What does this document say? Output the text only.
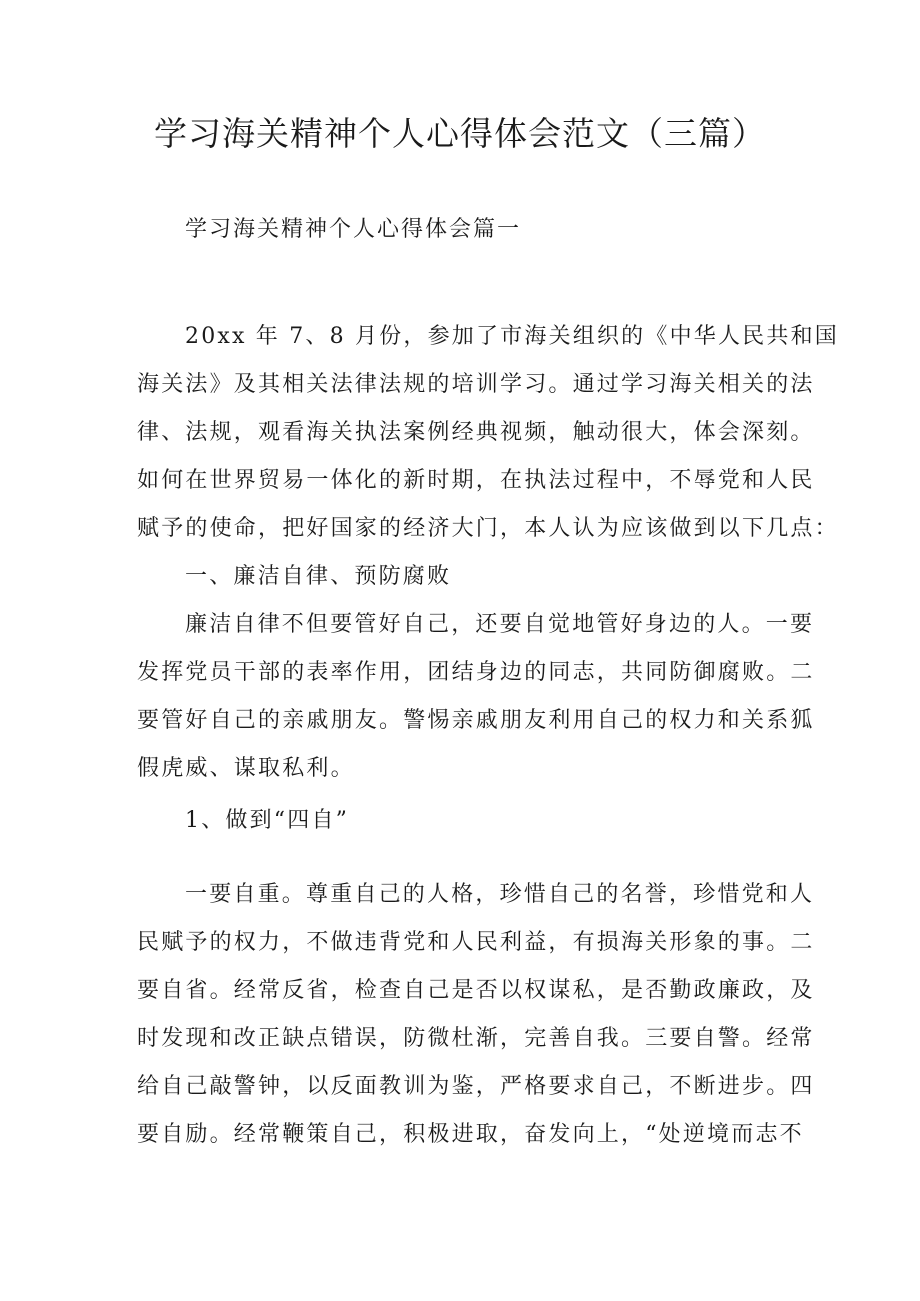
学习海关精神个人心得体会范文（三篇）

学习海关精神个人心得体会篇一

20xx 年 7、8 月份，参加了市海关组织的《中华人民共和国
海关法》及其相关法律法规的培训学习。通过学习海关相关的法
律、法规，观看海关执法案例经典视频，触动很大，体会深刻。
如何在世界贸易一体化的新时期，在执法过程中，不辱党和人民
赋予的使命，把好国家的经济大门，本人认为应该做到以下几点：
一、廉洁自律、预防腐败
廉洁自律不但要管好自己，还要自觉地管好身边的人。一要
发挥党员干部的表率作用，团结身边的同志，共同防御腐败。二
要管好自己的亲戚朋友。警惕亲戚朋友利用自己的权力和关系狐
假虎威、谋取私利。
1、做到“四自”
一要自重。尊重自己的人格，珍惜自己的名誉，珍惜党和人
民赋予的权力，不做违背党和人民利益，有损海关形象的事。二
要自省。经常反省，检查自己是否以权谋私，是否勤政廉政，及
时发现和改正缺点错误，防微杜渐，完善自我。三要自警。经常
给自己敲警钟，以反面教训为鉴，严格要求自己，不断进步。四
要自励。经常鞭策自己，积极进取，奋发向上，“处逆境而志不
